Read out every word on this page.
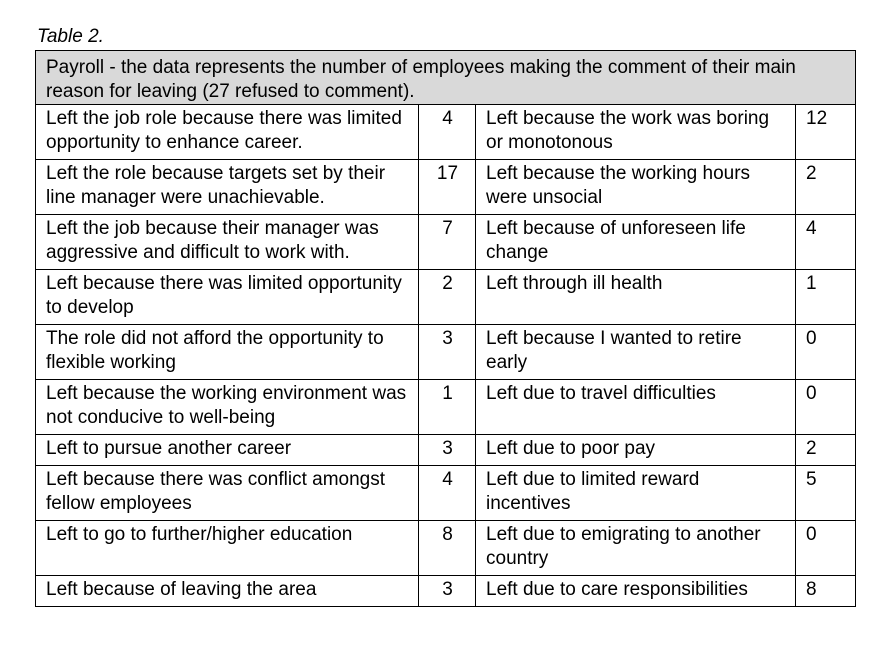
Table 2.
Payroll - the data represents the number of employees making the comment of their main reason for leaving (27 refused to comment).			
Left the job role because there was limited opportunity to enhance career.	4	Left because the work was boring or monotonous	12
Left the role because targets set by their line manager were unachievable.	17	Left because the working hours were unsocial	2
Left the job because their manager was aggressive and difficult to work with.	7	Left because of unforeseen life change	4
Left because there was limited opportunity to develop	2	Left through ill health	1
The role did not afford the opportunity to flexible working	3	Left because I wanted to retire early	0
Left because the working environment was not conducive to well-being	1	Left due to travel difficulties	0
Left to pursue another career	3	Left due to poor pay	2
Left because there was conflict amongst fellow employees	4	Left due to limited reward incentives	5
Left to go to further/higher education	8	Left due to emigrating to another country	0
Left because of leaving the area	3	Left due to care responsibilities	8
